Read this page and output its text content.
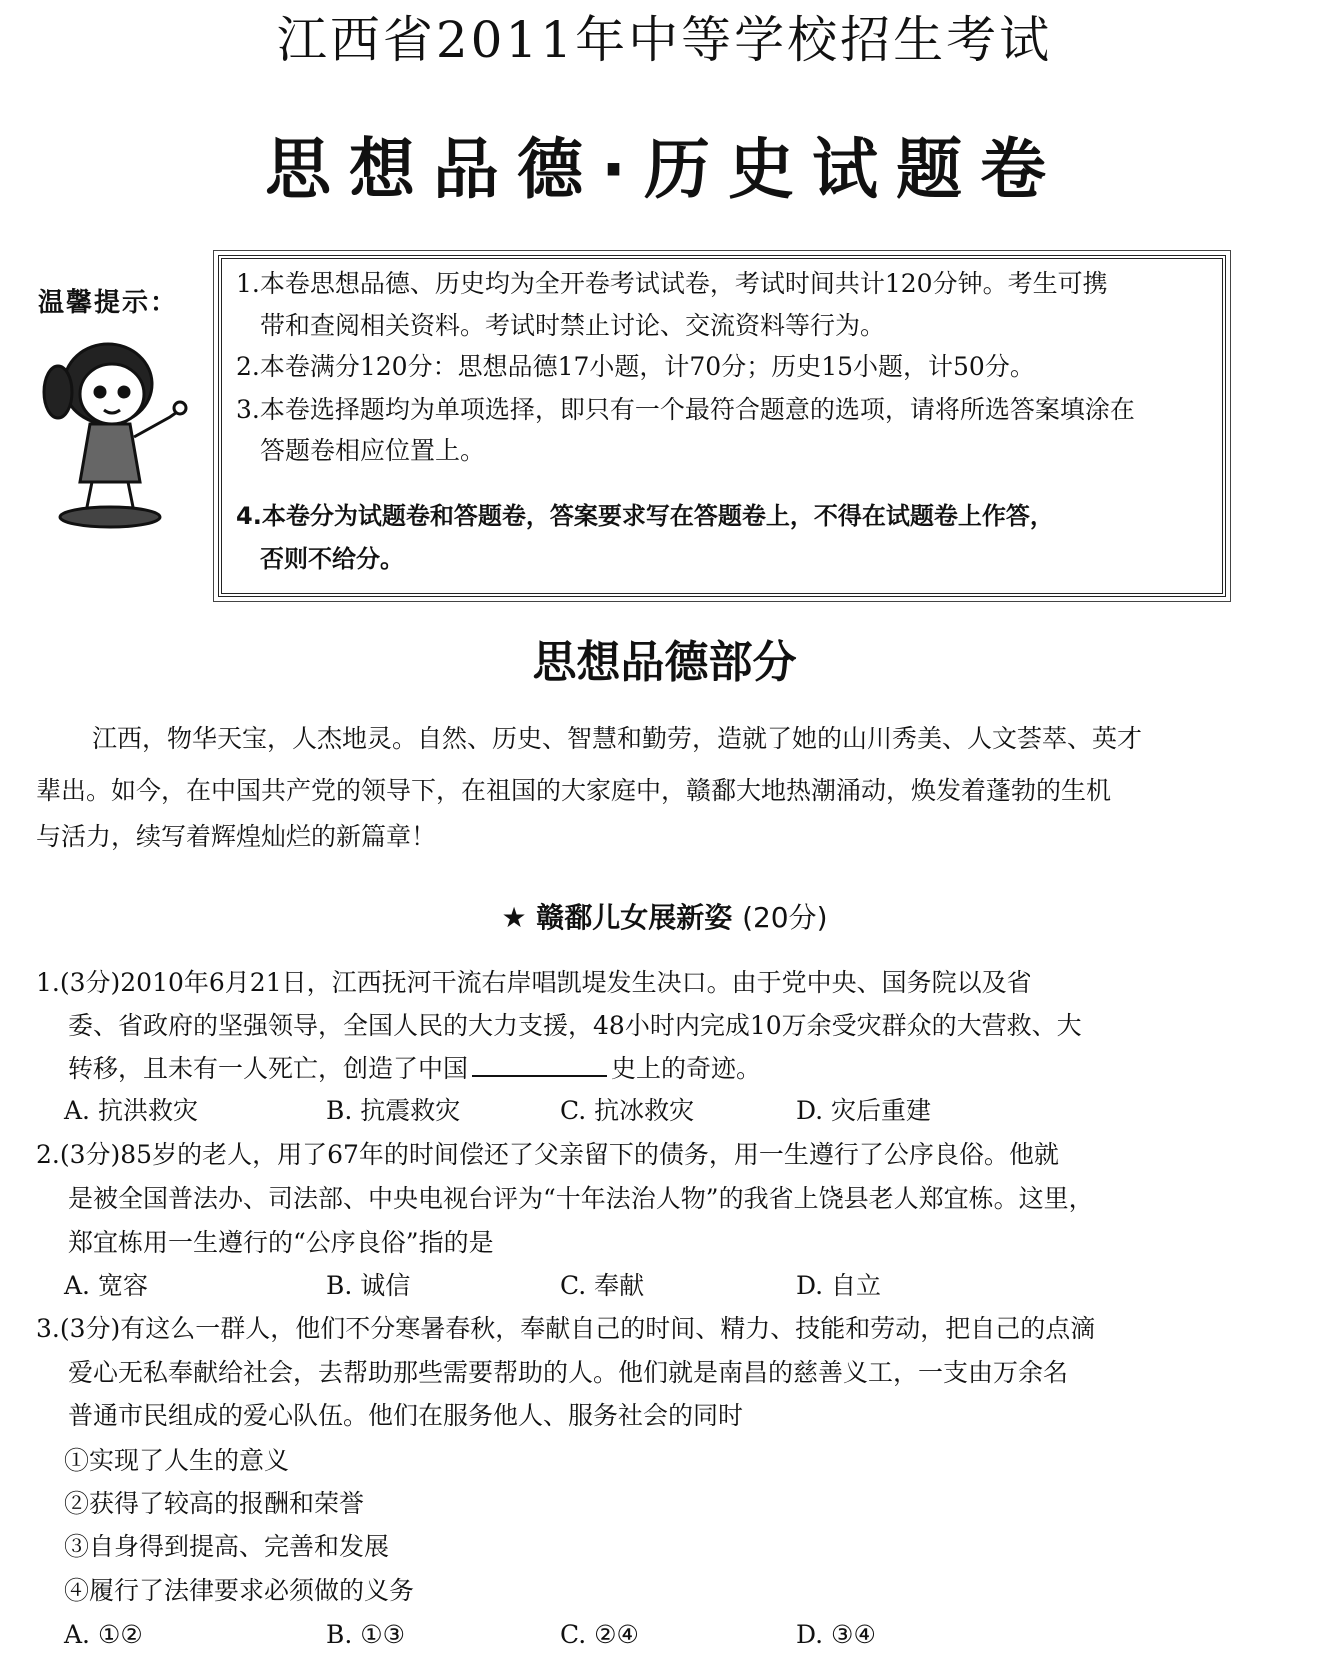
江西省2011年中等学校招生考试
思想品德·历史试题卷
温馨提示：
1.本卷思想品德、历史均为全开卷考试试卷，考试时间共计120分钟。考生可携
带和查阅相关资料。考试时禁止讨论、交流资料等行为。
2.本卷满分120分：思想品德17小题，计70分；历史15小题，计50分。
3.本卷选择题均为单项选择，即只有一个最符合题意的选项，请将所选答案填涂在
答题卷相应位置上。
4.本卷分为试题卷和答题卷，答案要求写在答题卷上，不得在试题卷上作答，
否则不给分。
思想品德部分
江西，物华天宝，人杰地灵。自然、历史、智慧和勤劳，造就了她的山川秀美、人文荟萃、英才
辈出。如今，在中国共产党的领导下，在祖国的大家庭中，赣鄱大地热潮涌动，焕发着蓬勃的生机
与活力，续写着辉煌灿烂的新篇章！
★ 赣鄱儿女展新姿 (20分)
1.(3分)2010年6月21日，江西抚河干流右岸唱凯堤发生决口。由于党中央、国务院以及省
委、省政府的坚强领导，全国人民的大力支援，48小时内完成10万余受灾群众的大营救、大
转移，且未有一人死亡，创造了中国	史上的奇迹。
A. 抗洪救灾	B. 抗震救灾	C. 抗冰救灾	D. 灾后重建
2.(3分)85岁的老人，用了67年的时间偿还了父亲留下的债务，用一生遵行了公序良俗。他就
是被全国普法办、司法部、中央电视台评为“十年法治人物”的我省上饶县老人郑宜栋。这里，
郑宜栋用一生遵行的“公序良俗”指的是
A. 宽容	B. 诚信	C. 奉献	D. 自立
3.(3分)有这么一群人，他们不分寒暑春秋，奉献自己的时间、精力、技能和劳动，把自己的点滴
爱心无私奉献给社会，去帮助那些需要帮助的人。他们就是南昌的慈善义工，一支由万余名
普通市民组成的爱心队伍。他们在服务他人、服务社会的同时
①实现了人生的意义
②获得了较高的报酬和荣誉
③自身得到提高、完善和发展
④履行了法律要求必须做的义务
A. ①②	B. ①③	C. ②④	D. ③④
